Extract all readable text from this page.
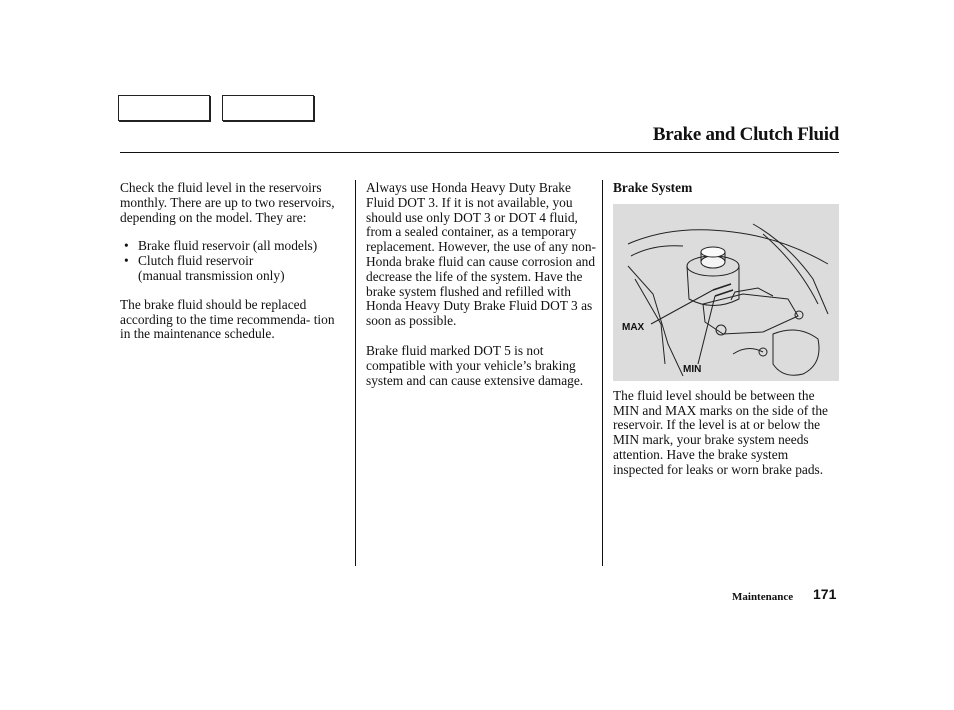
Brake and Clutch Fluid

Check the fluid level in the reservoirs monthly. There are up to two reservoirs, depending on the model. They are:

• Brake fluid reservoir (all models)
• Clutch fluid reservoir
(manual transmission only)

The brake fluid should be replaced according to the time recommenda- tion in the maintenance schedule.

Always use Honda Heavy Duty Brake Fluid DOT 3. If it is not available, you should use only DOT 3 or DOT 4 fluid, from a sealed container, as a temporary replacement. However, the use of any non-Honda brake fluid can cause corrosion and decrease the life of the system. Have the brake system flushed and refilled with Honda Heavy Duty Brake Fluid DOT 3 as soon as possible.

Brake fluid marked DOT 5 is not compatible with your vehicle’s braking system and can cause extensive damage.

Brake System

MAX
MIN

The fluid level should be between the MIN and MAX marks on the side of the reservoir. If the level is at or below the MIN mark, your brake system needs attention. Have the brake system inspected for leaks or worn brake pads.

Maintenance 171
